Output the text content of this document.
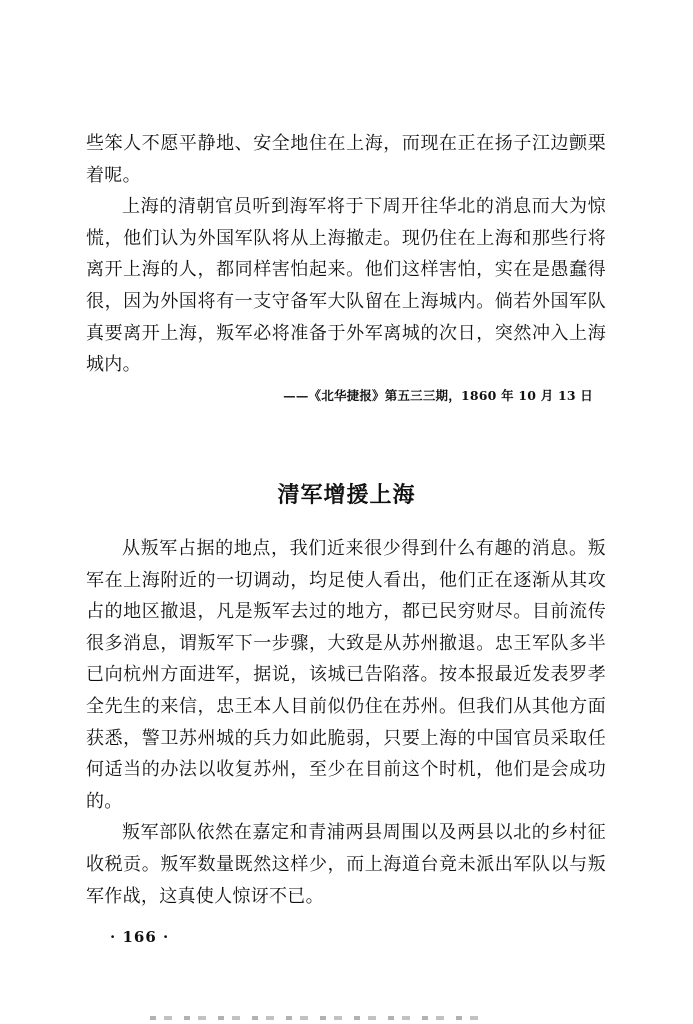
些笨人不愿平静地、安全地住在上海，而现在正在扬子江边颤栗着呢。

上海的清朝官员听到海军将于下周开往华北的消息而大为惊慌，他们认为外国军队将从上海撤走。现仍住在上海和那些行将离开上海的人，都同样害怕起来。他们这样害怕，实在是愚蠢得很，因为外国将有一支守备军大队留在上海城内。倘若外国军队真要离开上海，叛军必将准备于外军离城的次日，突然冲入上海城内。

——《北华捷报》第五三三期，1860 年 10 月 13 日
清军增援上海

从叛军占据的地点，我们近来很少得到什么有趣的消息。叛军在上海附近的一切调动，均足使人看出，他们正在逐渐从其攻占的地区撤退，凡是叛军去过的地方，都已民穷财尽。目前流传很多消息，谓叛军下一步骤，大致是从苏州撤退。忠王军队多半已向杭州方面进军，据说，该城已告陷落。按本报最近发表罗孝全先生的来信，忠王本人目前似仍住在苏州。但我们从其他方面获悉，警卫苏州城的兵力如此脆弱，只要上海的中国官员采取任何适当的办法以收复苏州，至少在目前这个时机，他们是会成功的。

叛军部队依然在嘉定和青浦两县周围以及两县以北的乡村征收税贡。叛军数量既然这样少，而上海道台竟未派出军队以与叛军作战，这真使人惊讶不已。

· 166 ·
